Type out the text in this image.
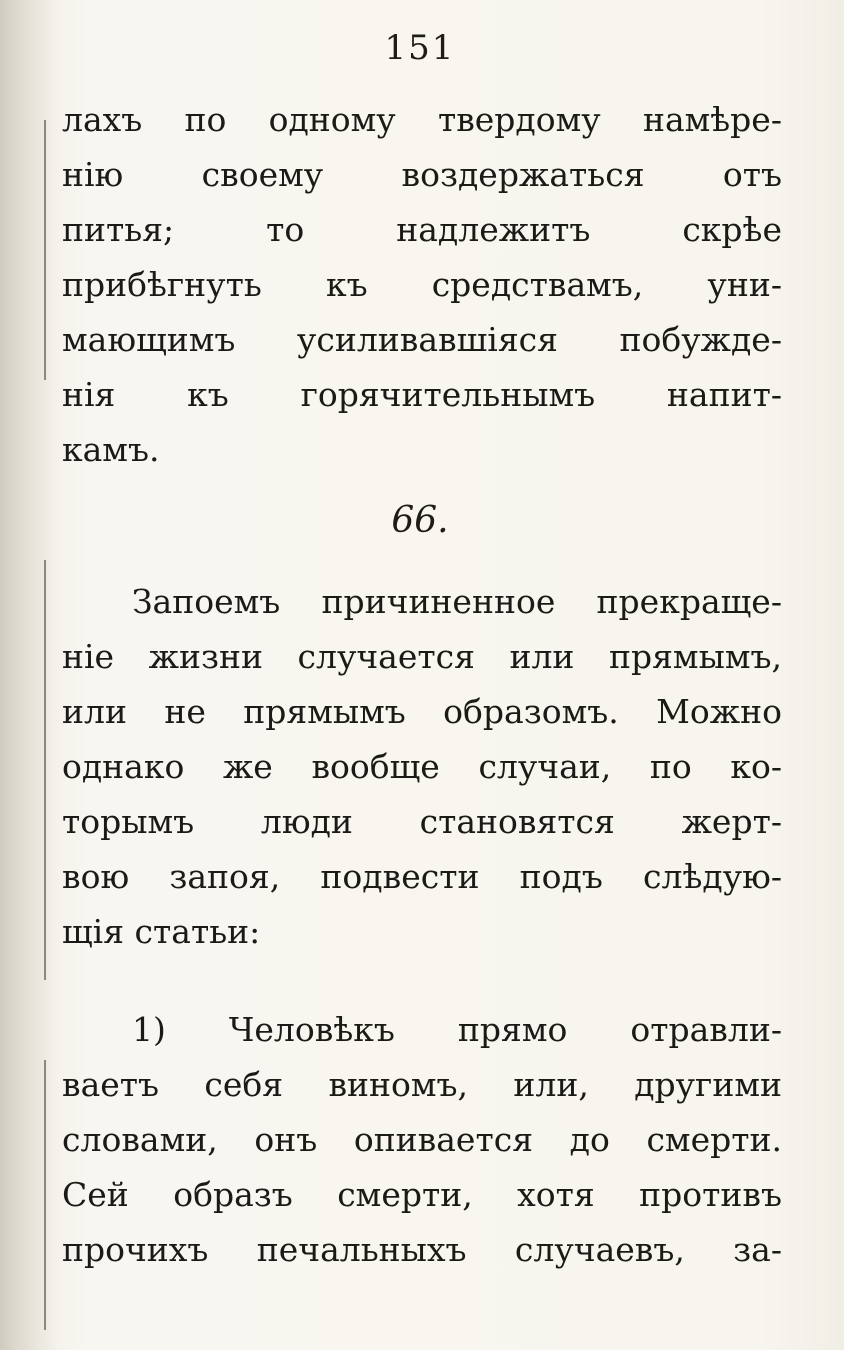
151
лахъ по одному твердому намѣре-
нію своему воздержаться отъ
питья; то надлежитъ скрѣе
прибѣгнуть къ средствамъ, уни-
мающимъ усиливавшіяся побужде-
нія къ горячительнымъ напит-
камъ.
66.
Запоемъ причиненное прекраще-
ніе жизни случается или прямымъ,
или не прямымъ образомъ. Можно
однако же вообще случаи, по ко-
торымъ люди становятся жерт-
вою запоя, подвести подъ слѣдую-
щія статьи:
1) Человѣкъ прямо отравли-
ваетъ себя виномъ, или, другими
словами, онъ опивается до смерти.
Сей образъ смерти, хотя противъ
прочихъ печальныхъ случаевъ, за-
